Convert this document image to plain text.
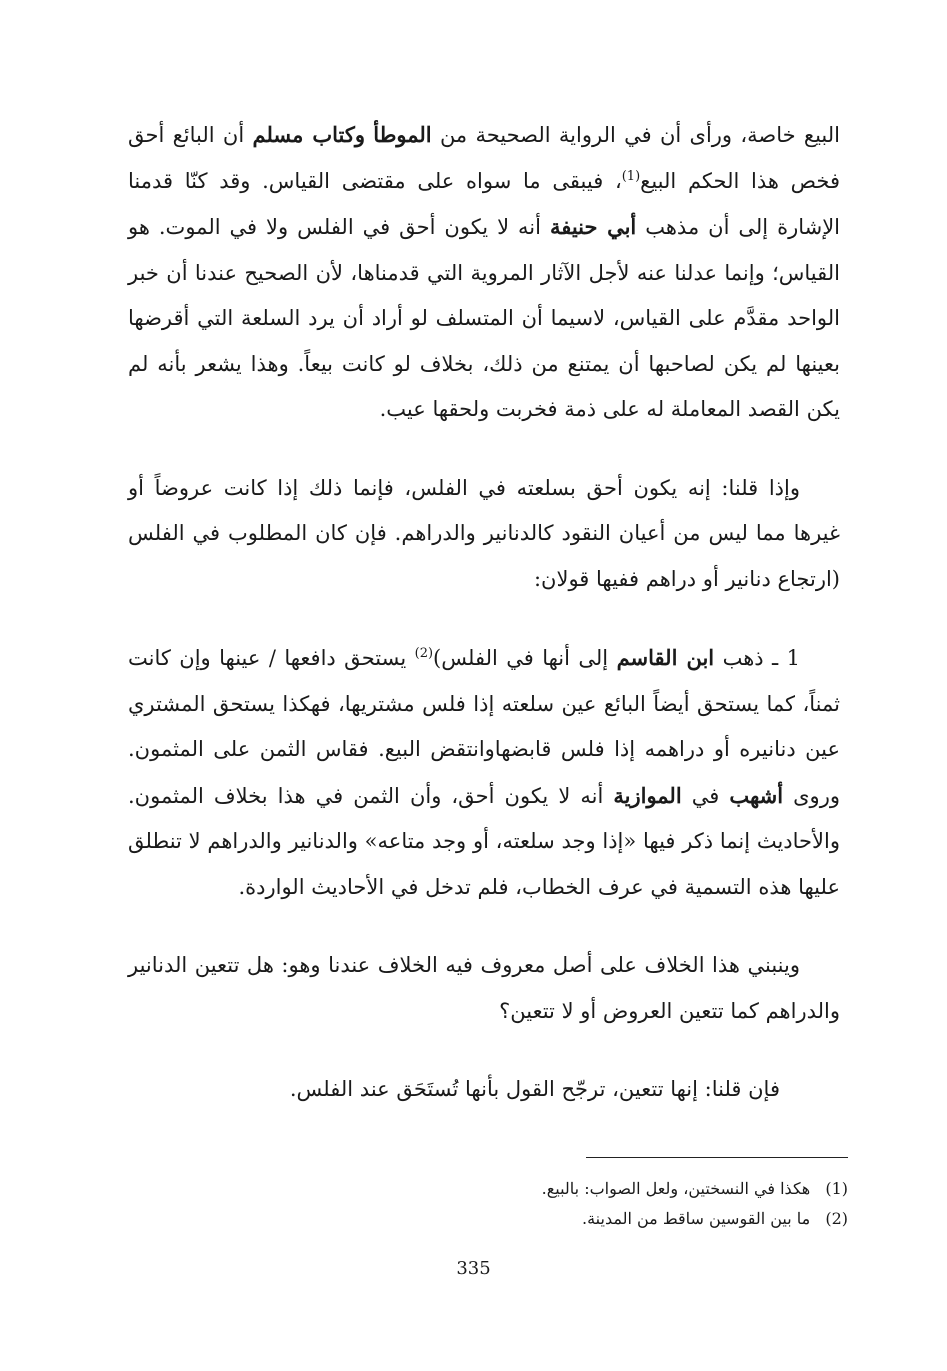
البيع خاصة، ورأى أن في الرواية الصحيحة من الموطأ وكتاب مسلم أن البائع أحق فخص هذا الحكم البيع$^{(1)}$، فيبقى ما سواه على مقتضى القياس. وقد كنّا قدمنا الإشارة إلى أن مذهب أبي حنيفة أنه لا يكون أحق في الفلس ولا في الموت. هو القياس؛ وإنما عدلنا عنه لأجل الآثار المروية التي قدمناها، لأن الصحيح عندنا أن خبر الواحد مقدَّم على القياس، لاسيما أن المتسلف لو أراد أن يرد السلعة التي أقرضها بعينها لم يكن لصاحبها أن يمتنع من ذلك، بخلاف لو كانت بيعاً. وهذا يشعر بأنه لم يكن القصد المعاملة له على ذمة فخربت ولحقها عيب.

وإذا قلنا: إنه يكون أحق بسلعته في الفلس، فإنما ذلك إذا كانت عروضاً أو غيرها مما ليس من أعيان النقود كالدنانير والدراهم. فإن كان المطلوب في الفلس (ارتجاع دنانير أو دراهم ففيها قولان:

1 ـ ذهب ابن القاسم إلى أنها في الفلس)$^{(2)}$ يستحق دافعها / عينها وإن كانت ثمناً، كما يستحق أيضاً البائع عين سلعته إذا فلس مشتريها، فهكذا يستحق المشتري عين دنانيره أو دراهمه إذا فلس قابضهاوانتقض البيع. فقاس الثمن على المثمون. وروى أشهب في الموازية أنه لا يكون أحق، وأن الثمن في هذا بخلاف المثمون. والأحاديث إنما ذكر فيها «إذا وجد سلعته، أو وجد متاعه» والدنانير والدراهم لا تنطلق عليها هذه التسمية في عرف الخطاب، فلم تدخل في الأحاديث الواردة.

وينبني هذا الخلاف على أصل معروف فيه الخلاف عندنا وهو: هل تتعين الدنانير والدراهم كما تتعين العروض أو لا تتعين؟

فإن قلنا: إنها تتعين، ترجّح القول بأنها تُستَحَق عند الفلس.

(1) هكذا في النسختين، ولعل الصواب: بالبيع.

(2) ما بين القوسين ساقط من المدينة.

335
